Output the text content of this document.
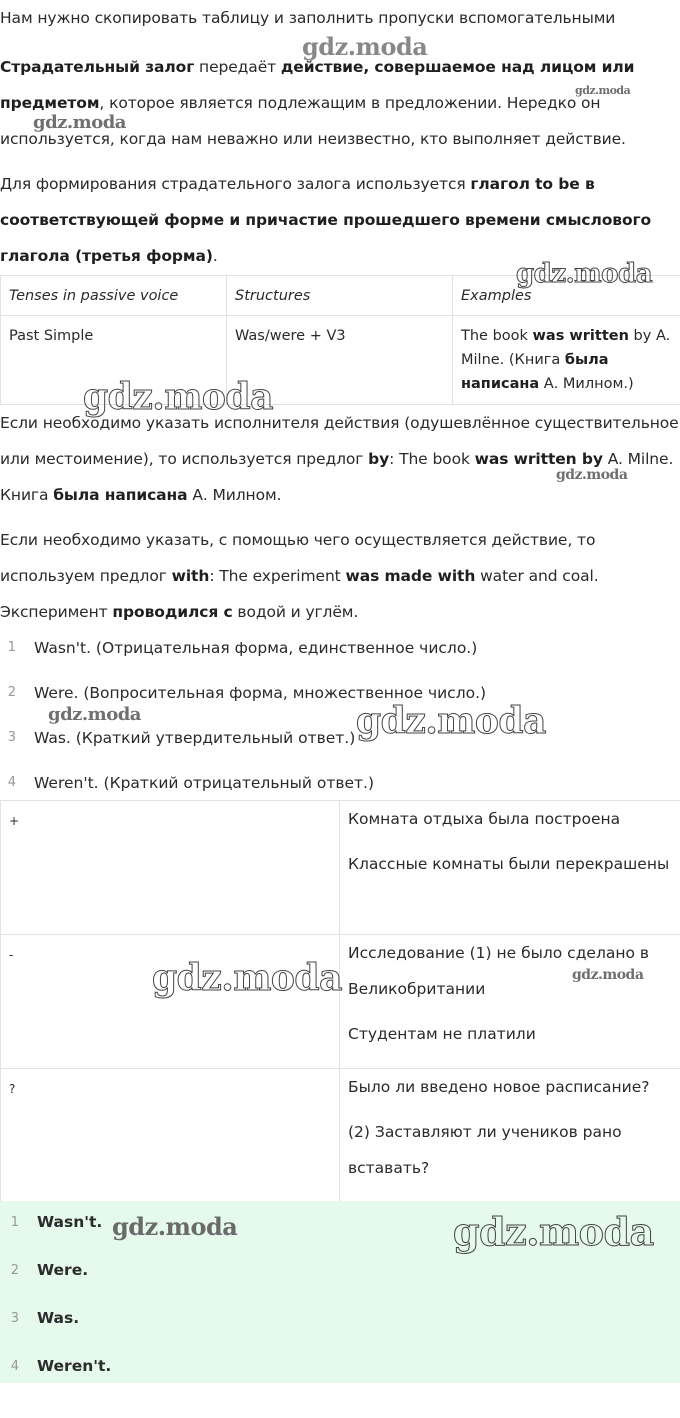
Нам нужно скопировать таблицу и заполнить пропуски вспомогательными

Страдательный залог передаёт действие, совершаемое над лицом или предметом, которое является подлежащим в предложении. Нередко он используется, когда нам неважно или неизвестно, кто выполняет действие.

Для формирования страдательного залога используется глагол to be в соответствующей форме и причастие прошедшего времени смыслового глагола (третья форма).

Tenses in passive voice	Structures	Examples
Past Simple	Was/were + V3	The book was written by A. Milne. (Книга была написана А. Милном.)

Если необходимо указать исполнителя действия (одушевлённое существительное или местоимение), то используется предлог by: The book was written by A. Milne. Книга была написана А. Милном.

Если необходимо указать, с помощью чего осуществляется действие, то используем предлог with: The experiment was made with water and coal. Эксперимент проводился с водой и углём.

1 Wasn't. (Отрицательная форма, единственное число.)
2 Were. (Вопросительная форма, множественное число.)
3 Was. (Краткий утвердительный ответ.)
4 Weren't. (Краткий отрицательный ответ.)
+	Комната отдыха была построена

Классные комнаты были перекрашены

-	Исследование (1) не было сделано в Великобритании

Студентам не платили

?	Было ли введено новое расписание?

(2) Заставляют ли учеников рано вставать?

1 Wasn't.
2 Were.
3 Was.
4 Weren't.
gdz.moda
gdz.moda
gdz.moda
gdz.moda
gdz.moda
gdz.moda
gdz.moda	gdz.moda
gdz.moda	gdz.moda
gdz.moda
